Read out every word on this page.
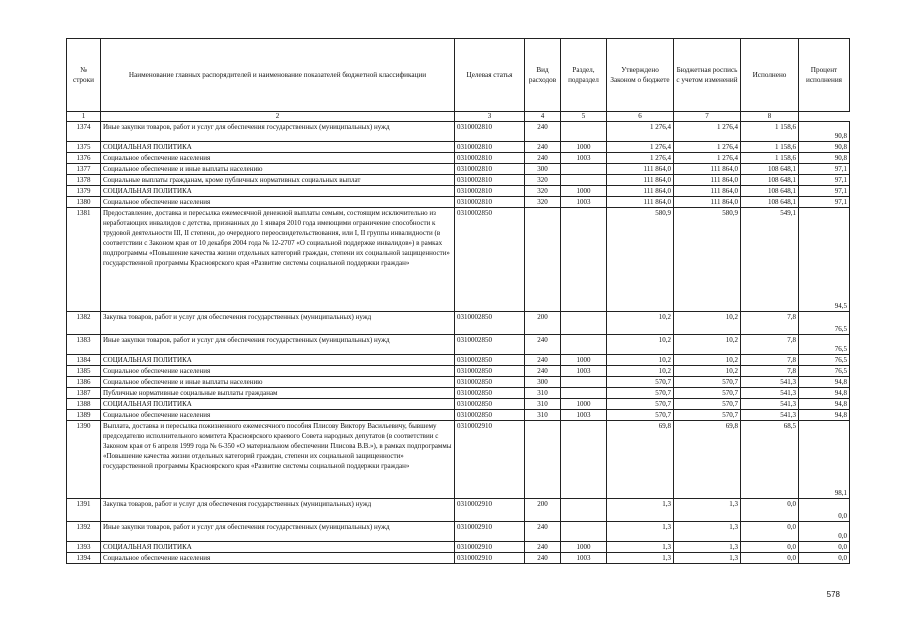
№ строки	Наименование главных распорядителей и наименование показателей бюджетной классификации	Целевая статья	Вид расходов	Раздел, подраздел	Утверждено Законом о бюджете	Бюджетная роспись с учетом изменений	Исполнено	Процент исполнения
1	2	3	4	5	6	7	8	
1374	Иные закупки товаров, работ и услуг для обеспечения государственных (муниципальных) нужд	0310002810	240		1 276,4	1 276,4	1 158,6	90,8
1375	СОЦИАЛЬНАЯ ПОЛИТИКА	0310002810	240	1000	1 276,4	1 276,4	1 158,6	90,8
1376	Социальное обеспечение населения	0310002810	240	1003	1 276,4	1 276,4	1 158,6	90,8
1377	Социальное обеспечение и иные выплаты населению	0310002810	300		111 864,0	111 864,0	108 648,1	97,1
1378	Социальные выплаты гражданам, кроме публичных нормативных социальных выплат	0310002810	320		111 864,0	111 864,0	108 648,1	97,1
1379	СОЦИАЛЬНАЯ ПОЛИТИКА	0310002810	320	1000	111 864,0	111 864,0	108 648,1	97,1
1380	Социальное обеспечение населения	0310002810	320	1003	111 864,0	111 864,0	108 648,1	97,1
1381	Предоставление, доставка и пересылка ежемесячной денежной выплаты семьям, состоящим исключительно из неработающих инвалидов с детства, признанных до 1 января 2010 года имеющими ограничение способности к трудовой деятельности III, II степени, до очередного переосвидетельствования, или I, II группы инвалидности (в соответствии с Законом края от 10 декабря 2004 года № 12-2707 «О социальной поддержке инвалидов») в рамках подпрограммы «Повышение качества жизни отдельных категорий граждан, степени их социальной защищенности» государственной программы Красноярского края «Развитие системы социальной поддержки граждан»	0310002850			580,9	580,9	549,1	94,5
1382	Закупка товаров, работ и услуг для обеспечения государственных (муниципальных) нужд	0310002850	200		10,2	10,2	7,8	76,5
1383	Иные закупки товаров, работ и услуг для обеспечения государственных (муниципальных) нужд	0310002850	240		10,2	10,2	7,8	76,5
1384	СОЦИАЛЬНАЯ ПОЛИТИКА	0310002850	240	1000	10,2	10,2	7,8	76,5
1385	Социальное обеспечение населения	0310002850	240	1003	10,2	10,2	7,8	76,5
1386	Социальное обеспечение и иные выплаты населению	0310002850	300		570,7	570,7	541,3	94,8
1387	Публичные нормативные социальные выплаты гражданам	0310002850	310		570,7	570,7	541,3	94,8
1388	СОЦИАЛЬНАЯ ПОЛИТИКА	0310002850	310	1000	570,7	570,7	541,3	94,8
1389	Социальное обеспечение населения	0310002850	310	1003	570,7	570,7	541,3	94,8
1390	Выплата, доставка и пересылка пожизненного ежемесячного пособия Плисову Виктору Васильевичу, бывшему председателю исполнительного комитета Красноярского краевого Совета народных депутатов (в соответствии с Законом края от 6 апреля 1999 года № 6-350 «О материальном обеспечении Плисова В.В.»), в рамках подпрограммы «Повышение качества жизни отдельных категорий граждан, степени их социальной защищенности» государственной программы Красноярского края «Развитие системы социальной поддержки граждан»	0310002910			69,8	69,8	68,5	98,1
1391	Закупка товаров, работ и услуг для обеспечения государственных (муниципальных) нужд	0310002910	200		1,3	1,3	0,0	0,0
1392	Иные закупки товаров, работ и услуг для обеспечения государственных (муниципальных) нужд	0310002910	240		1,3	1,3	0,0	0,0
1393	СОЦИАЛЬНАЯ ПОЛИТИКА	0310002910	240	1000	1,3	1,3	0,0	0,0
1394	Социальное обеспечение населения	0310002910	240	1003	1,3	1,3	0,0	0,0
578
